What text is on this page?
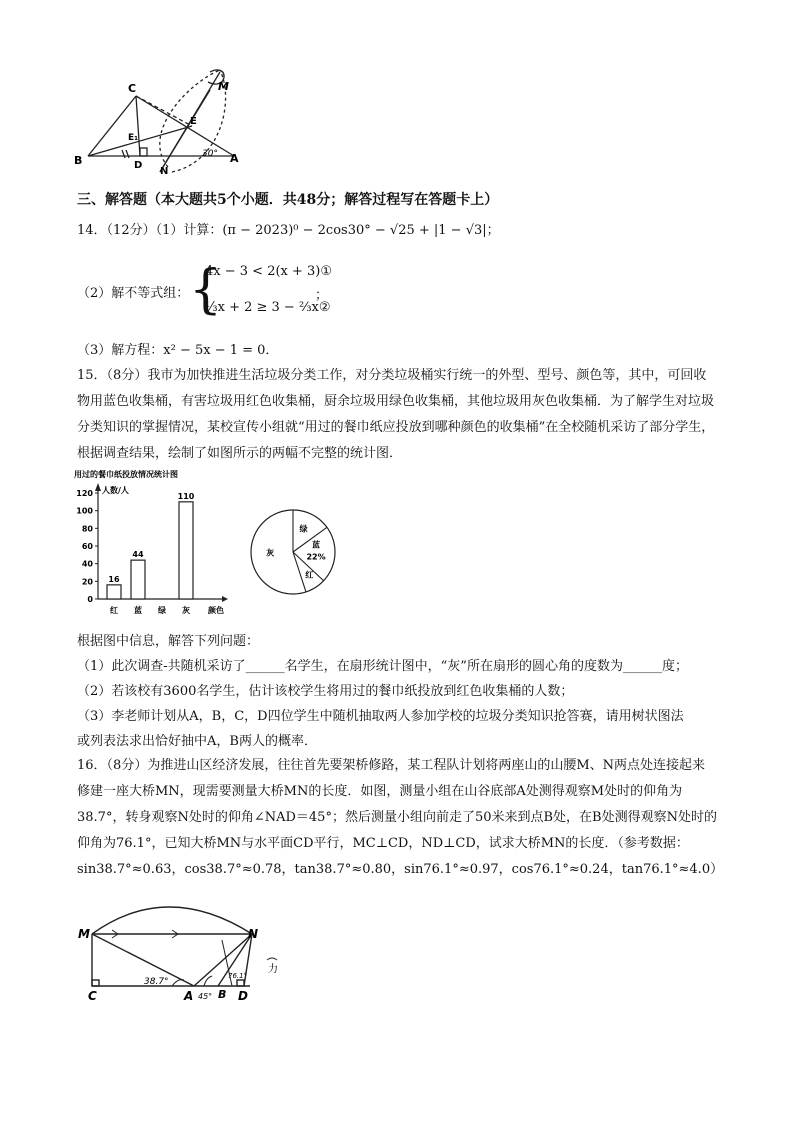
C	M
E
E₁
B	D
N
A
30°
三、解答题（本大题共5个小题．共48分；解答过程写在答题卡上）
14．（12分）（1）计算：(π − 2023)⁰ − 2cos30° − √25 + |1 − √3|；
（2）解不等式组： {
4x − 3 < 2(x + 3)①
⅓x + 2 ≥ 3 − ⅔x②
；
（3）解方程：x² − 5x − 1 = 0．
15．（8分）我市为加快推进生活垃圾分类工作，对分类垃圾桶实行统一的外型、型号、颜色等，其中，可回收物用蓝色收集桶，有害垃圾用红色收集桶，厨余垃圾用绿色收集桶，其他垃圾用灰色收集桶．为了解学生对垃圾分类知识的掌握情况，某校宣传小组就“用过的餐巾纸应投放到哪种颜色的收集桶”在全校随机采访了部分学生，根据调查结果，绘制了如图所示的两幅不完整的统计图．
用过的餐巾纸投放情况统计图
人数/人
颜色
0
20
40
60
80
100
120
红
16
蓝
44
绿 灰
110
绿
蓝
22%
红
灰
根据图中信息，解答下列问题：
（1）此次调查-共随机采访了______名学生，在扇形统计图中，“灰”所在扇形的圆心角的度数为______度；
（2）若该校有3600名学生，估计该校学生将用过的餐巾纸投放到红色收集桶的人数；
（3）李老师计划从A，B，C，D四位学生中随机抽取两人参加学校的垃圾分类知识抢答赛，请用树状图法
或列表法求出恰好抽中A，B两人的概率．
16．（8分）为推进山区经济发展，往往首先要架桥修路，某工程队计划将两座山的山腰M、N两点处连接起来修建一座大桥MN，现需要测量大桥MN的长度．如图，测量小组在山谷底部A处测得观察M处时的仰角为38.7°，转身观察N处时的仰角∠NAD＝45°；然后测量小组向前走了50米来到点B处，在B处测得观察N处时的仰角为76.1°，已知大桥MN与水平面CD平行，MC⊥CD，ND⊥CD，试求大桥MN的长度．（参考数据：sin38.7°≈0.63，cos38.7°≈0.78，tan38.7°≈0.80，sin76.1°≈0.97，cos76.1°≈0.24，tan76.1°≈4.0）
M	N
C	A B D
38.7°
45°
76.1°
力
